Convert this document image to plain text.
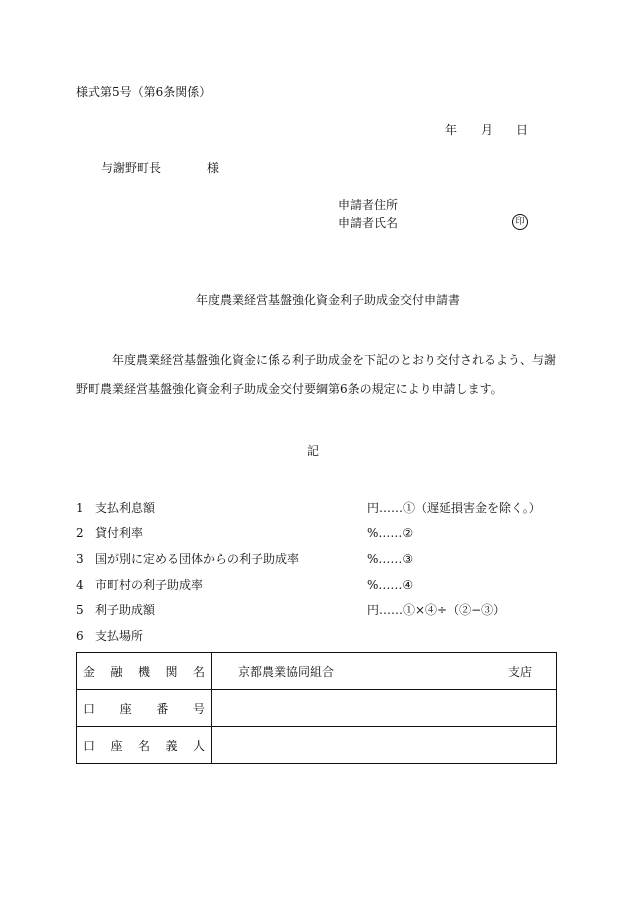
様式第5号（第6条関係）
年 月 日
与謝野町長	様
申請者住所
申請者氏名	印
年度農業経営基盤強化資金利子助成金交付申請書
年度農業経営基盤強化資金に係る利子助成金を下記のとおり交付されるよう、与謝
野町農業経営基盤強化資金利子助成金交付要綱第6条の規定により申請します。
記
1 支払利息額	円……①（遅延損害金を除く。）
2 貸付利率	%……②
3 国が別に定める団体からの利子助成率	%……③
4 市町村の利子助成率	%……④
5 利子助成額	円……①×④÷（②−③）
6 支払場所
金 融 機 関 名	京都農業協同組合 支店

口 座 番 号	

口 座 名 義 人	
